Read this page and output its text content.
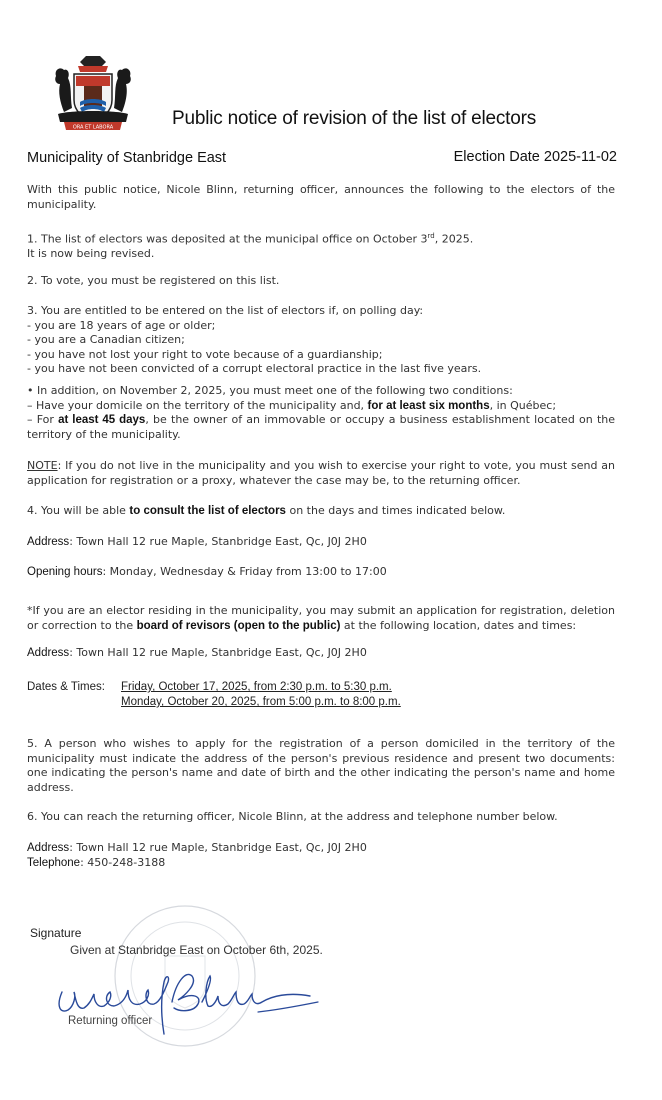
ORA ET LABORA	Public notice of revision of the list of electors
Municipality of Stanbridge East	Election Date 2025-11-02

With this public notice, Nicole Blinn, returning officer, announces the following to the electors of the municipality.

1. The list of electors was deposited at the municipal office on October 3rd, 2025.

It is now being revised.

2. To vote, you must be registered on this list.

3. You are entitled to be entered on the list of electors if, on polling day:

- you are 18 years of age or older;

- you are a Canadian citizen;

- you have not lost your right to vote because of a guardianship;

- you have not been convicted of a corrupt electoral practice in the last five years.

• In addition, on November 2, 2025, you must meet one of the following two conditions:

– Have your domicile on the territory of the municipality and, for at least six months, in Québec;

– For at least 45 days, be the owner of an immovable or occupy a business establishment located on the territory of the municipality.

NOTE: If you do not live in the municipality and you wish to exercise your right to vote, you must send an application for registration or a proxy, whatever the case may be, to the returning officer.

4. You will be able to consult the list of electors on the days and times indicated below.

Address: Town Hall 12 rue Maple, Stanbridge East, Qc, J0J 2H0

Opening hours: Monday, Wednesday & Friday from 13:00 to 17:00

*If you are an elector residing in the municipality, you may submit an application for registration, deletion or correction to the board of revisors (open to the public) at the following location, dates and times:

Address: Town Hall 12 rue Maple, Stanbridge East, Qc, J0J 2H0

Dates & Times: Friday, October 17, 2025, from 2:30 p.m. to 5:30 p.m.
Monday, October 20, 2025, from 5:00 p.m. to 8:00 p.m.

5. A person who wishes to apply for the registration of a person domiciled in the territory of the municipality must indicate the address of the person's previous residence and present two documents: one indicating the person's name and date of birth and the other indicating the person's name and home address.

6. You can reach the returning officer, Nicole Blinn, at the address and telephone number below.

Address: Town Hall 12 rue Maple, Stanbridge East, Qc, J0J 2H0

Telephone: 450-248-3188

Signature
Given at Stanbridge East on October 6th, 2025.
Returning officer
